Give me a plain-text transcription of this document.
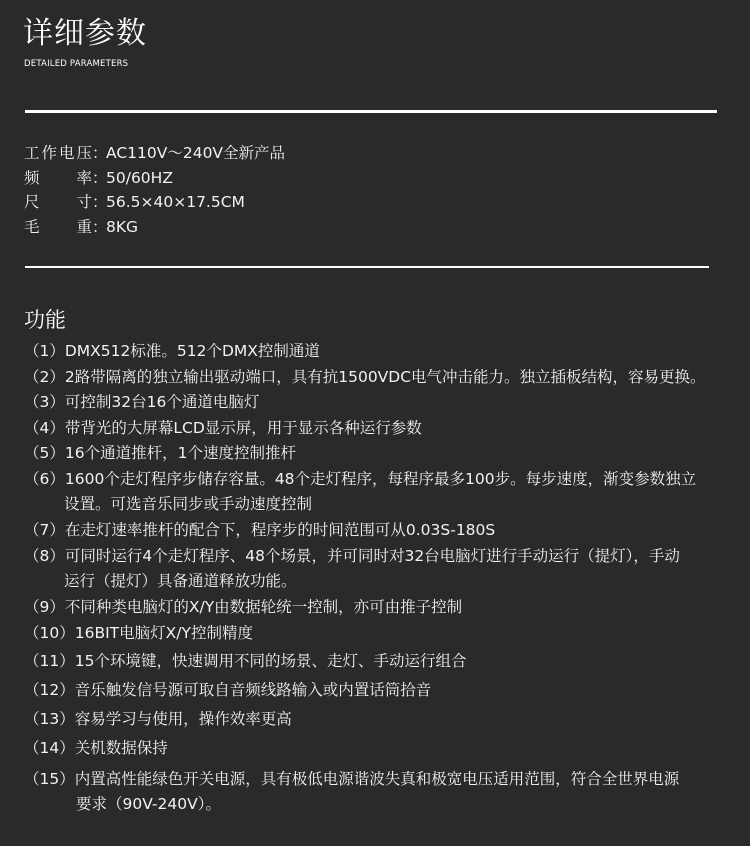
详细参数
DETAILED PARAMETERS
工作电压 ：
AC110V～240V全新产品
频率 ：
50/60HZ
尺寸 ：
56.5×40×17.5CM
毛重 ：
8KG
功能
（1）DMX512标准。512个DMX控制通道
（2）2路带隔离的独立输出驱动端口，具有抗1500VDC电气冲击能力。独立插板结构，容易更换。
（3）可控制32台16个通道电脑灯
（4）带背光的大屏幕LCD显示屏，用于显示各种运行参数
（5）16个通道推杆，1个速度控制推杆
（6）1600个走灯程序步储存容量。48个走灯程序，每程序最多100步。每步速度，渐变参数独立
设置。可选音乐同步或手动速度控制
（7）在走灯速率推杆的配合下，程序步的时间范围可从0.03S-180S
（8）可同时运行4个走灯程序、48个场景，并可同时对32台电脑灯进行手动运行（提灯），手动
运行（提灯）具备通道释放功能。
（9）不同种类电脑灯的X/Y由数据轮统一控制，亦可由推子控制
（10）16BIT电脑灯X/Y控制精度
（11）15个环境键，快速调用不同的场景、走灯、手动运行组合
（12）音乐触发信号源可取自音频线路输入或内置话筒拾音
（13）容易学习与使用，操作效率更高
（14）关机数据保持
（15）内置高性能绿色开关电源，具有极低电源谐波失真和极宽电压适用范围，符合全世界电源
要求（90V-240V）。
